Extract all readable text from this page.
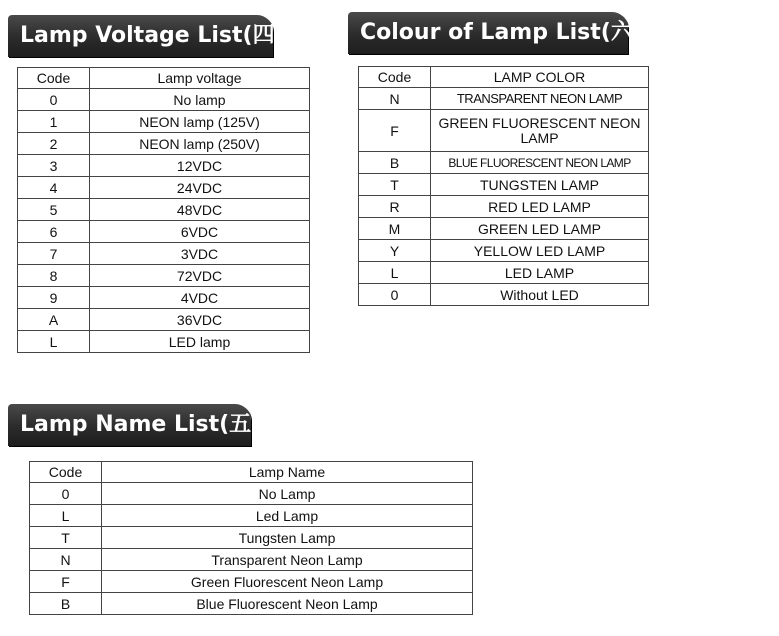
Lamp Voltage List(四)
Code	Lamp voltage
0	No lamp
1	NEON lamp (125V)
2	NEON lamp (250V)
3	12VDC
4	24VDC
5	48VDC
6	6VDC
7	3VDC
8	72VDC
9	4VDC
A	36VDC
L	LED lamp
Colour of Lamp List(六)
Code	LAMP COLOR
N	TRANSPARENT NEON LAMP
F	GREEN FLUORESCENT NEON LAMP
B	BLUE FLUORESCENT NEON LAMP
T	TUNGSTEN LAMP
R	RED LED LAMP
M	GREEN LED LAMP
Y	YELLOW LED LAMP
L	LED LAMP
0	Without LED
Lamp Name List(五)
Code	Lamp Name
0	No Lamp
L	Led Lamp
T	Tungsten Lamp
N	Transparent Neon Lamp
F	Green Fluorescent Neon Lamp
B	Blue Fluorescent Neon Lamp
